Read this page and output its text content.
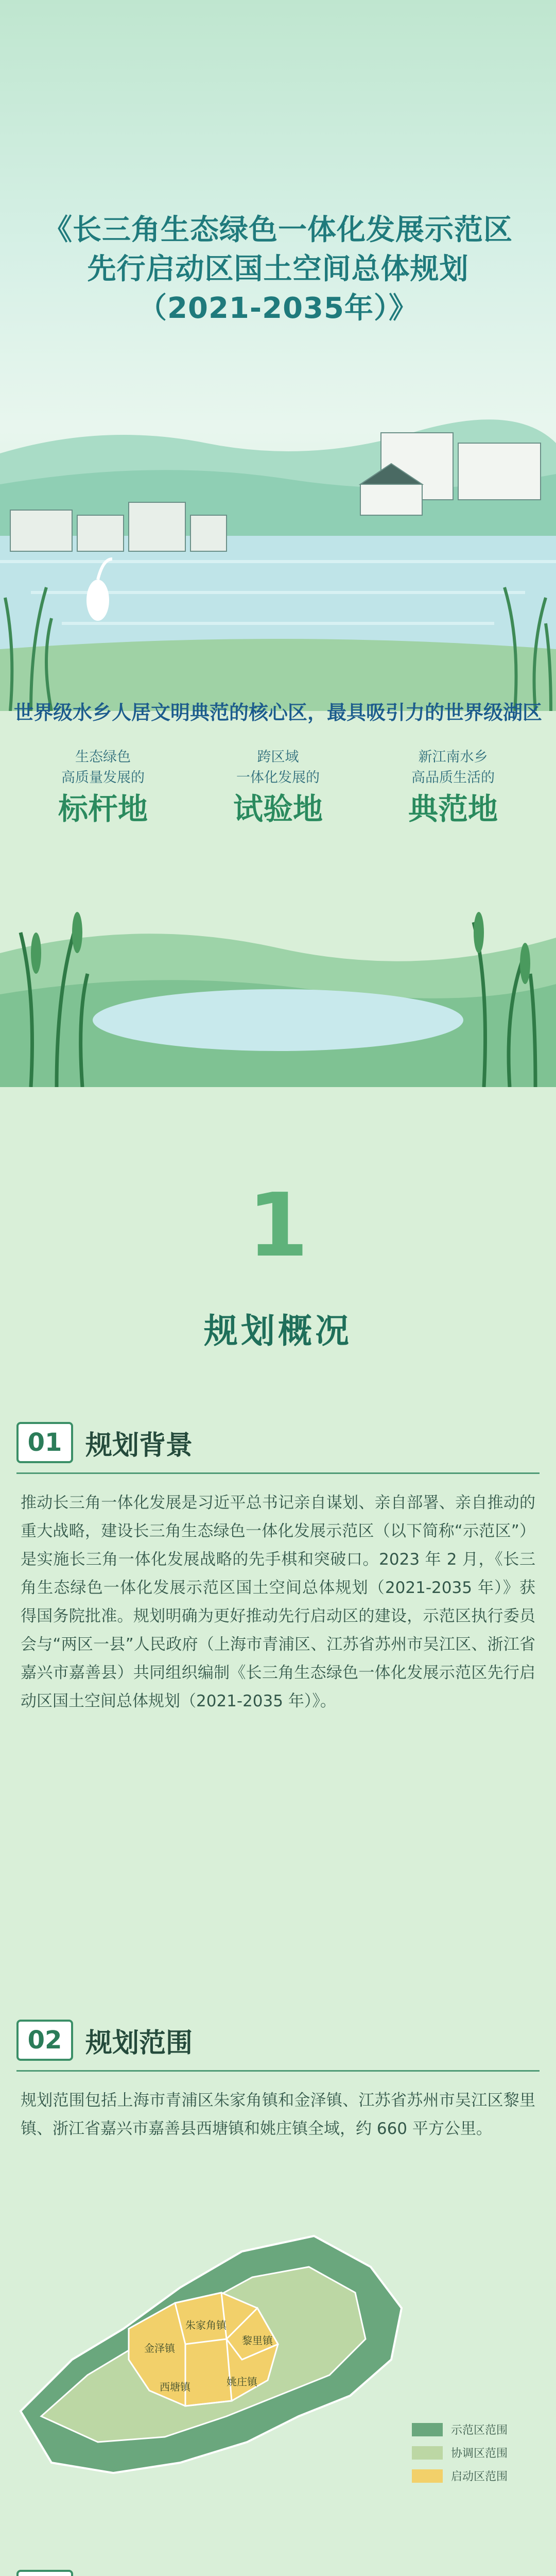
《长三角生态绿色一体化发展示范区
先行启动区国土空间总体规划
（2021-2035年）》
世界级水乡人居文明典范的核心区，最具吸引力的世界级湖区
生态绿色
高质量发展的
标杆地
跨区域
一体化发展的
试验地
新江南水乡
高品质生活的
典范地
1
规划概况
01 规划背景
推动长三角一体化发展是习近平总书记亲自谋划、亲自部署、亲自推动的重大战略，建设长三角生态绿色一体化发展示范区（以下简称“示范区”）是实施长三角一体化发展战略的先手棋和突破口。2023 年 2 月，《长三角生态绿色一体化发展示范区国土空间总体规划（2021-2035 年）》获得国务院批准。规划明确为更好推动先行启动区的建设，示范区执行委员会与“两区一县”人民政府（上海市青浦区、江苏省苏州市吴江区、浙江省嘉兴市嘉善县）共同组织编制《长三角生态绿色一体化发展示范区先行启动区国土空间总体规划（2021-2035 年）》。
02 规划范围
规划范围包括上海市青浦区朱家角镇和金泽镇、江苏省苏州市吴江区黎里镇、浙江省嘉兴市嘉善县西塘镇和姚庄镇全域，约 660 平方公里。
朱家角镇
金泽镇
黎里镇
西塘镇	姚庄镇
示范区范围
协调区范围
启动区范围
